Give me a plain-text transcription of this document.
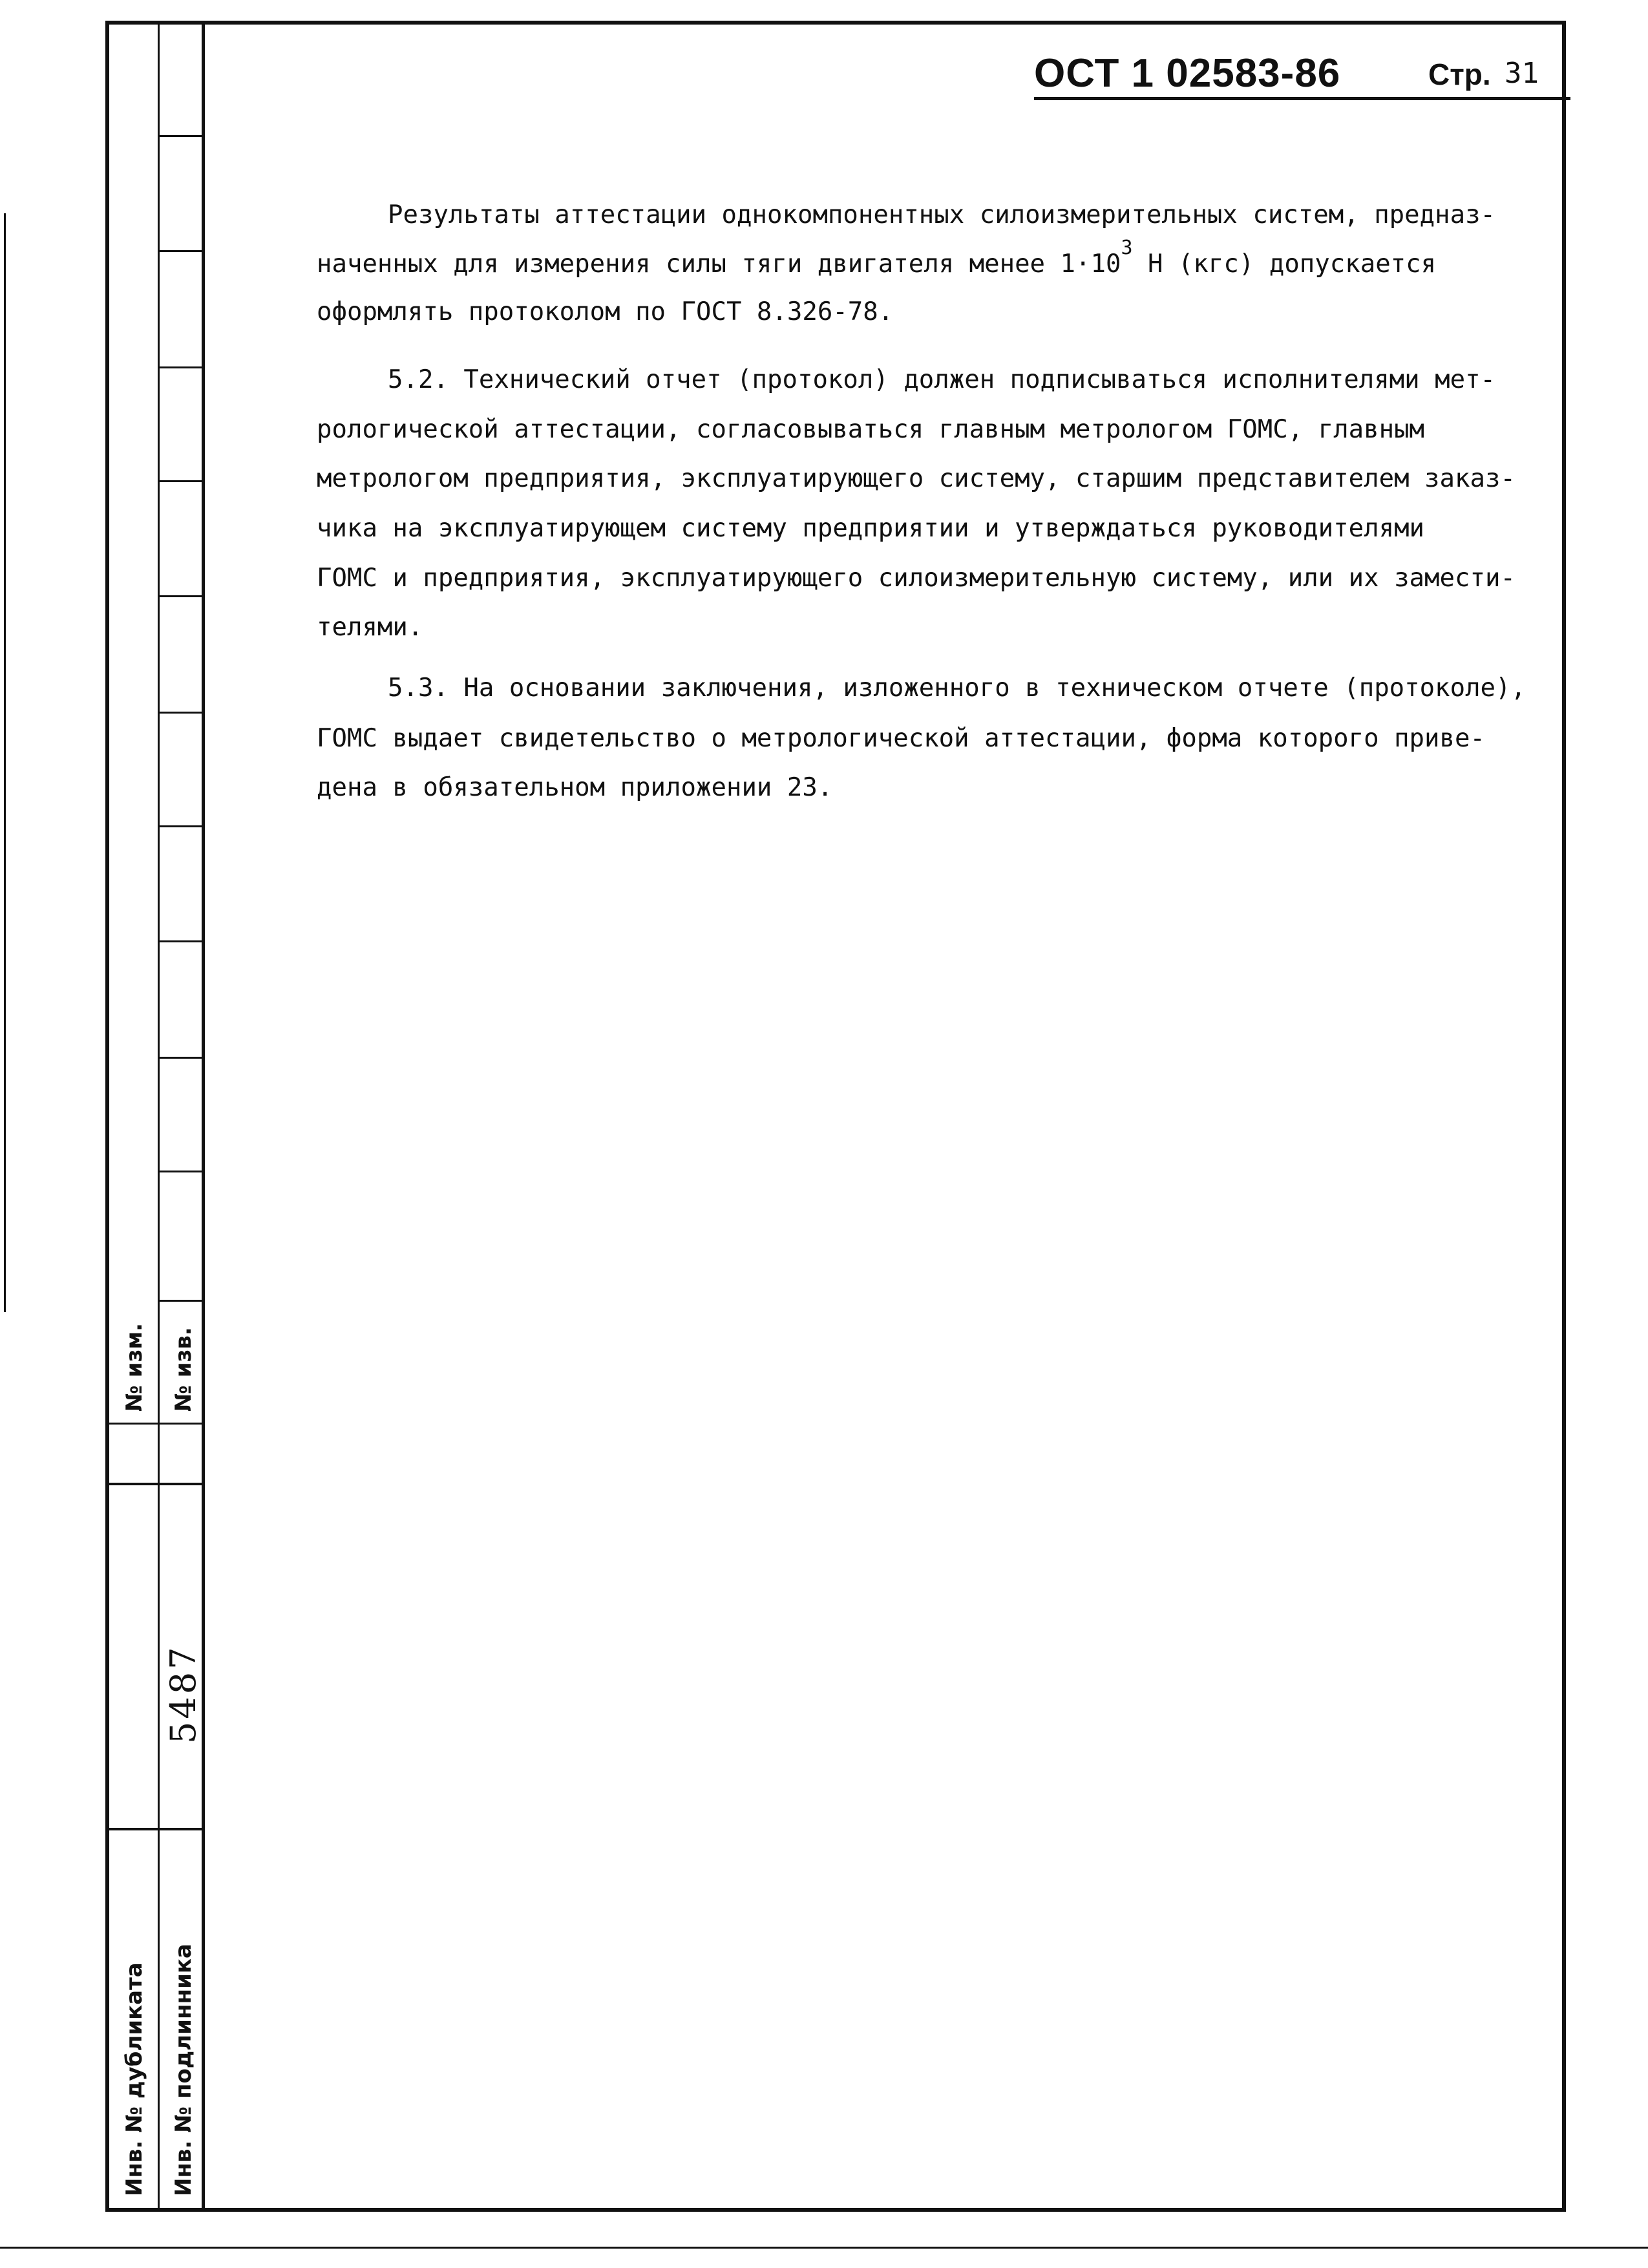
№ изм. № изв.
5487
Инв. № дубликата Инв. № подлинника
ОСТ 1 02583-86	Стр. 31
Результаты аттестации однокомпонентных силоизмерительных систем, предназ-
наченных для измерения силы тяги двигателя менее $1\cdot 10^3$ Н (кгс) допускается
оформлять протоколом по ГОСТ 8.326-78.
5.2. Технический отчет (протокол) должен подписываться исполнителями мет-
рологической аттестации, согласовываться главным метрологом ГОМС, главным
метрологом предприятия, эксплуатирующего систему, старшим представителем заказ-
чика на эксплуатирующем систему предприятии и утверждаться руководителями
ГОМС и предприятия, эксплуатирующего силоизмерительную систему, или их замести-
телями.
5.3. На основании заключения, изложенного в техническом отчете (протоколе),
ГОМС выдает свидетельство о метрологической аттестации, форма которого приве-
дена в обязательном приложении 23.
